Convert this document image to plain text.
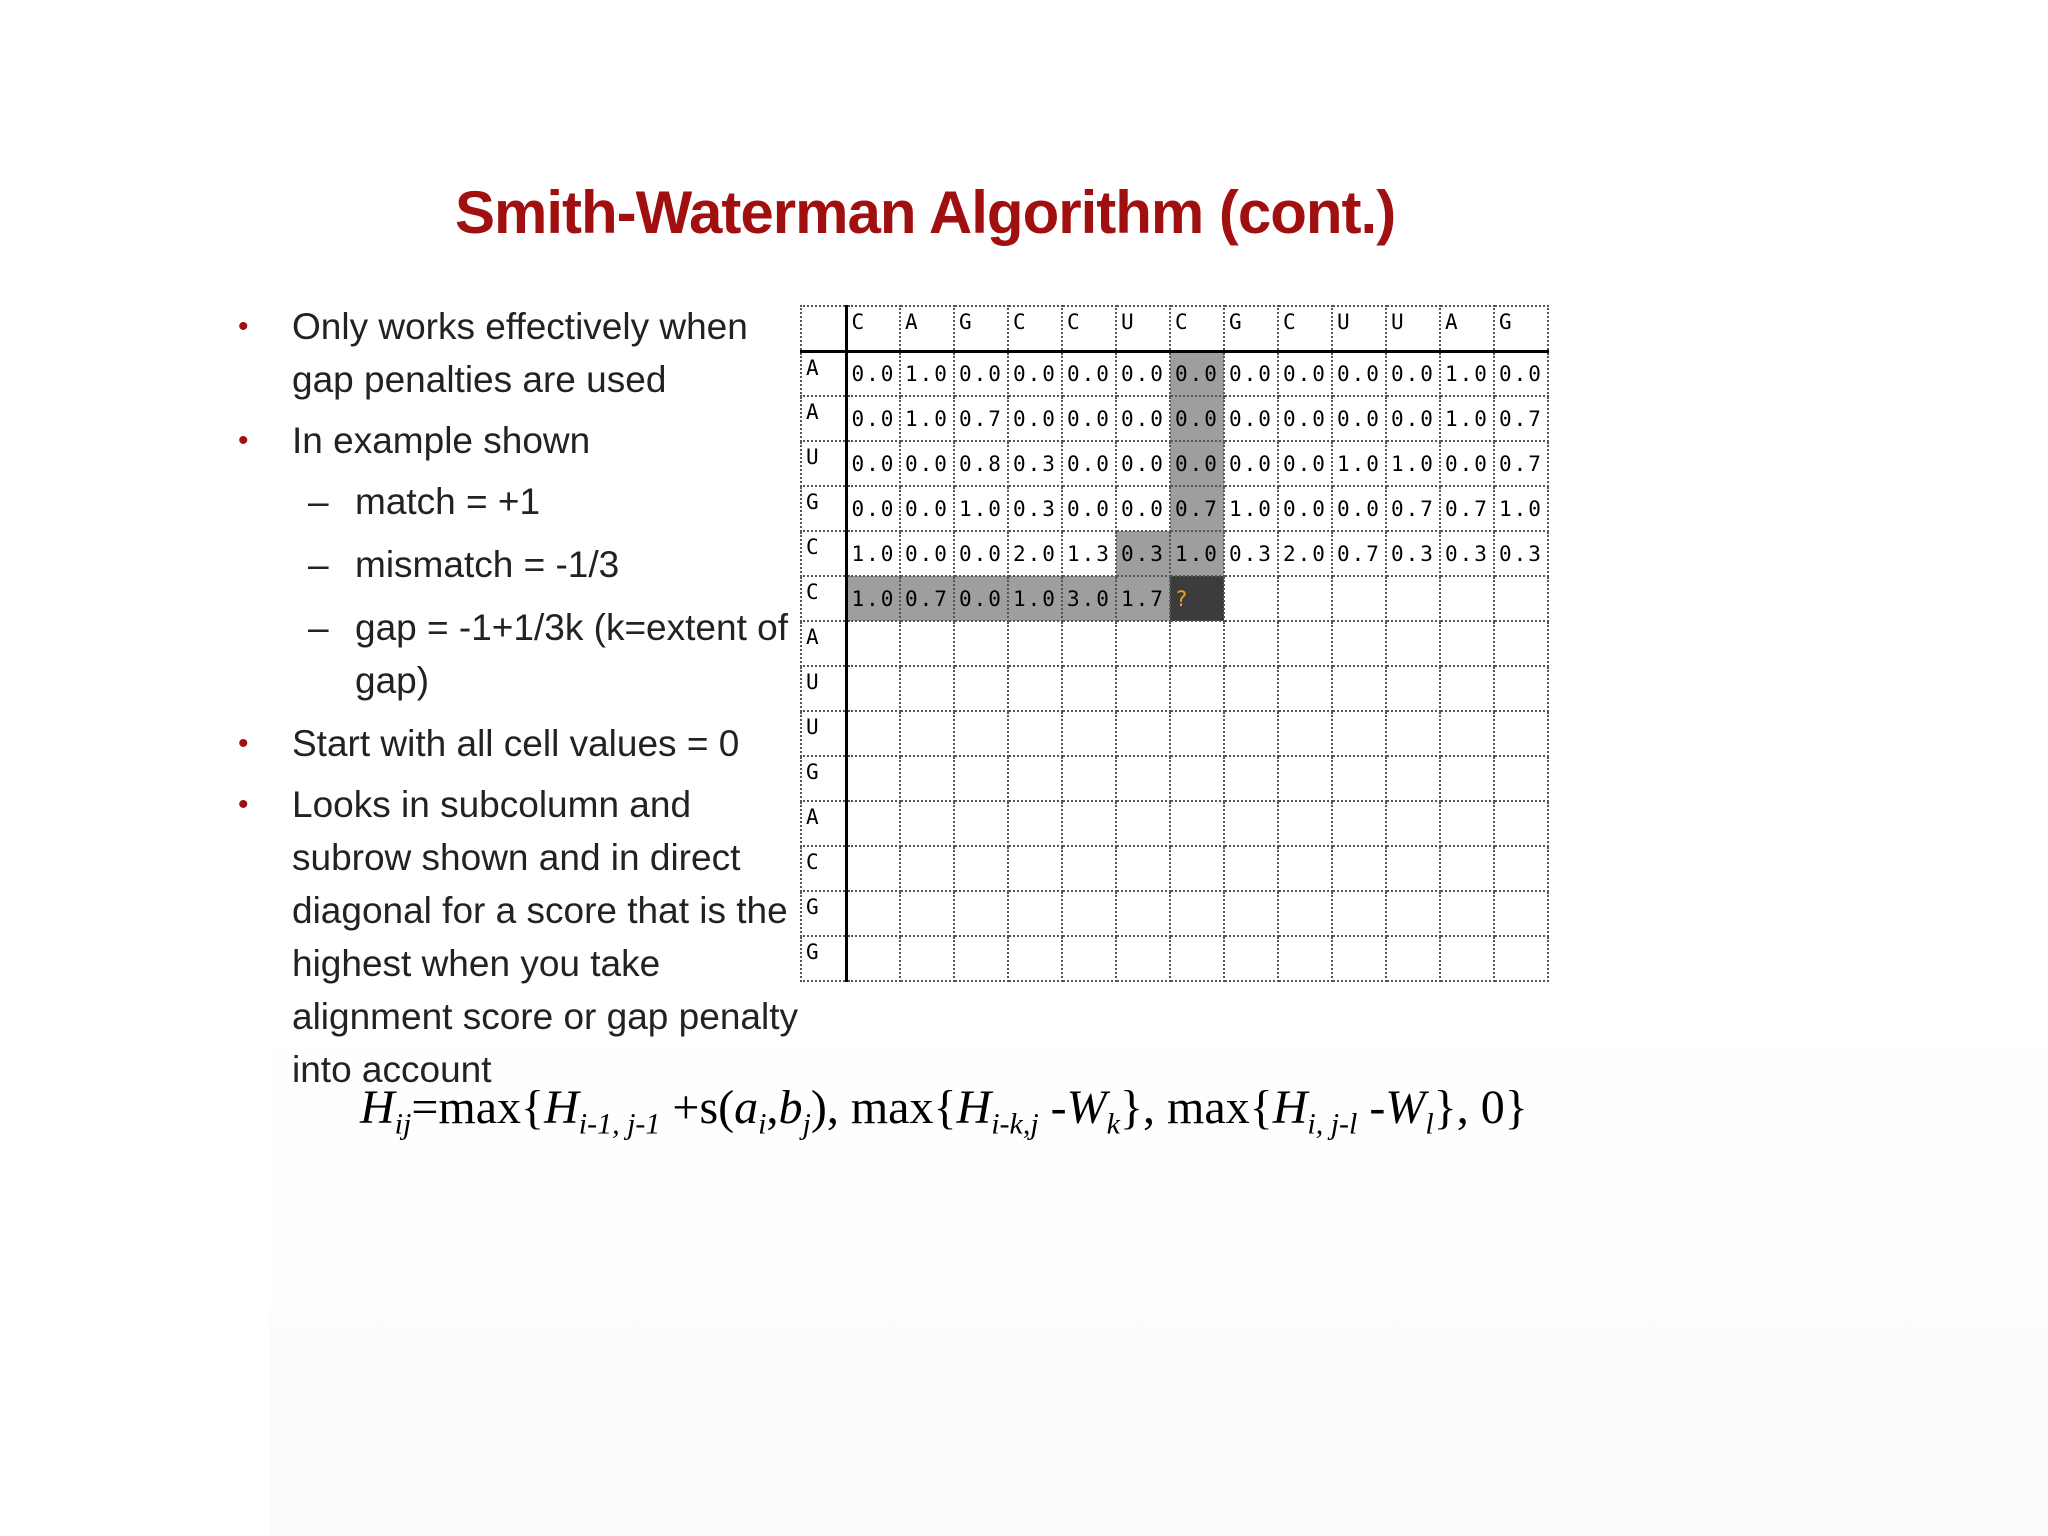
Smith-Waterman Algorithm (cont.)
• Only works effectively when gap penalties are used
• In example shown
– match = +1
– mismatch = -1/3
– gap = -1+1/3k (k=extent of gap)
• Start with all cell values = 0
• Looks in subcolumn and subrow shown and in direct diagonal for a score that is the highest when you take alignment score or gap penalty into account
	C	A	G	C	C	U	C	G	C	U	U	A	G
A	0.0	1.0	0.0	0.0	0.0	0.0	0.0	0.0	0.0	0.0	0.0	1.0	0.0
A	0.0	1.0	0.7	0.0	0.0	0.0	0.0	0.0	0.0	0.0	0.0	1.0	0.7
U	0.0	0.0	0.8	0.3	0.0	0.0	0.0	0.0	0.0	1.0	1.0	0.0	0.7
G	0.0	0.0	1.0	0.3	0.0	0.0	0.7	1.0	0.0	0.0	0.7	0.7	1.0
C	1.0	0.0	0.0	2.0	1.3	0.3	1.0	0.3	2.0	0.7	0.3	0.3	0.3
C	1.0	0.7	0.0	1.0	3.0	1.7	?						
A													
U													
U													
G													
A													
C													
G													
G													
$H_{ij}=\max\{H_{i-1, j-1} +s(a_i,b_j)$, $\max\{H_{i-k,j}$ $-W_k$}, $\max\{H_{i, j-l}$ $-W_l$}, 0}
